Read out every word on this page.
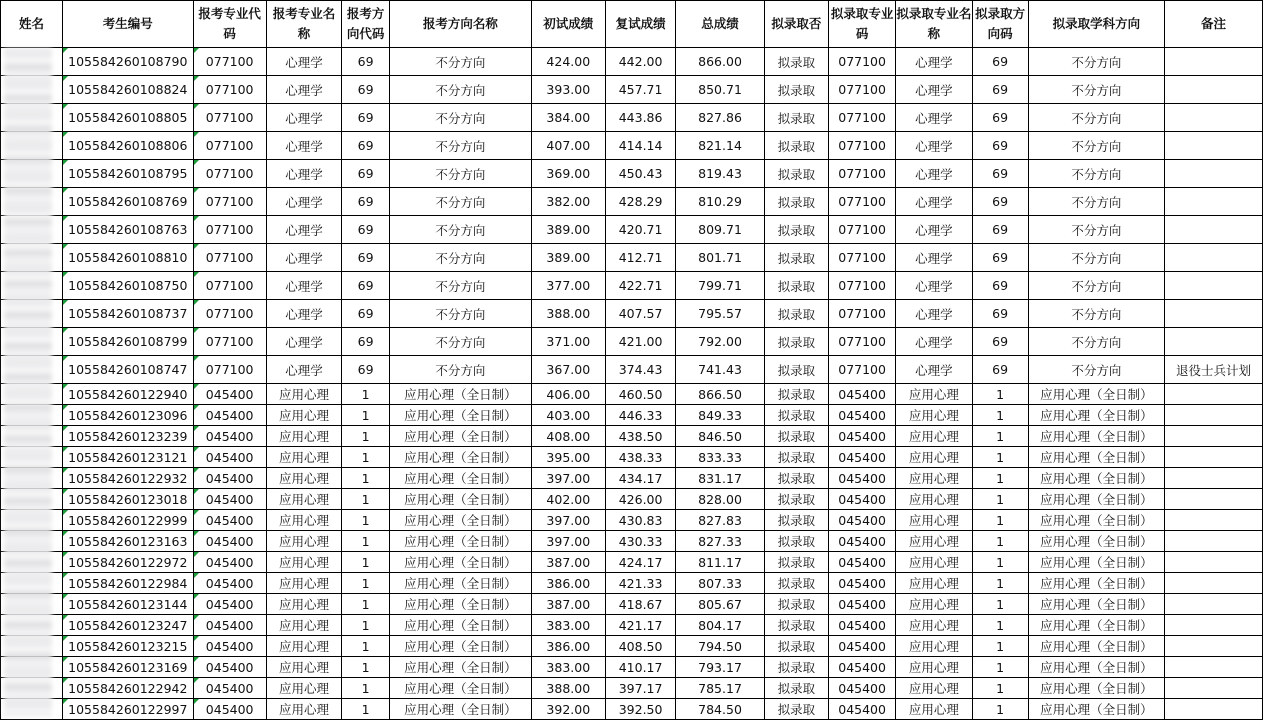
姓名	考生编号	报考专业代码	报考专业名称	报考方向代码	报考方向名称	初试成绩	复试成绩	总成绩	拟录取否	拟录取专业码	拟录取专业名称	拟录取方向码	拟录取学科方向	备注
	105584260108790	077100	心理学	69	不分方向	424.00	442.00	866.00	拟录取	077100	心理学	69	不分方向	
	105584260108824	077100	心理学	69	不分方向	393.00	457.71	850.71	拟录取	077100	心理学	69	不分方向	
	105584260108805	077100	心理学	69	不分方向	384.00	443.86	827.86	拟录取	077100	心理学	69	不分方向	
	105584260108806	077100	心理学	69	不分方向	407.00	414.14	821.14	拟录取	077100	心理学	69	不分方向	
	105584260108795	077100	心理学	69	不分方向	369.00	450.43	819.43	拟录取	077100	心理学	69	不分方向	
	105584260108769	077100	心理学	69	不分方向	382.00	428.29	810.29	拟录取	077100	心理学	69	不分方向	
	105584260108763	077100	心理学	69	不分方向	389.00	420.71	809.71	拟录取	077100	心理学	69	不分方向	
	105584260108810	077100	心理学	69	不分方向	389.00	412.71	801.71	拟录取	077100	心理学	69	不分方向	
	105584260108750	077100	心理学	69	不分方向	377.00	422.71	799.71	拟录取	077100	心理学	69	不分方向	
	105584260108737	077100	心理学	69	不分方向	388.00	407.57	795.57	拟录取	077100	心理学	69	不分方向	
	105584260108799	077100	心理学	69	不分方向	371.00	421.00	792.00	拟录取	077100	心理学	69	不分方向	
	105584260108747	077100	心理学	69	不分方向	367.00	374.43	741.43	拟录取	077100	心理学	69	不分方向	退役士兵计划
	105584260122940	045400	应用心理	1	应用心理（全日制）	406.00	460.50	866.50	拟录取	045400	应用心理	1	应用心理（全日制）	
	105584260123096	045400	应用心理	1	应用心理（全日制）	403.00	446.33	849.33	拟录取	045400	应用心理	1	应用心理（全日制）	
	105584260123239	045400	应用心理	1	应用心理（全日制）	408.00	438.50	846.50	拟录取	045400	应用心理	1	应用心理（全日制）	
	105584260123121	045400	应用心理	1	应用心理（全日制）	395.00	438.33	833.33	拟录取	045400	应用心理	1	应用心理（全日制）	
	105584260122932	045400	应用心理	1	应用心理（全日制）	397.00	434.17	831.17	拟录取	045400	应用心理	1	应用心理（全日制）	
	105584260123018	045400	应用心理	1	应用心理（全日制）	402.00	426.00	828.00	拟录取	045400	应用心理	1	应用心理（全日制）	
	105584260122999	045400	应用心理	1	应用心理（全日制）	397.00	430.83	827.83	拟录取	045400	应用心理	1	应用心理（全日制）	
	105584260123163	045400	应用心理	1	应用心理（全日制）	397.00	430.33	827.33	拟录取	045400	应用心理	1	应用心理（全日制）	
	105584260122972	045400	应用心理	1	应用心理（全日制）	387.00	424.17	811.17	拟录取	045400	应用心理	1	应用心理（全日制）	
	105584260122984	045400	应用心理	1	应用心理（全日制）	386.00	421.33	807.33	拟录取	045400	应用心理	1	应用心理（全日制）	
	105584260123144	045400	应用心理	1	应用心理（全日制）	387.00	418.67	805.67	拟录取	045400	应用心理	1	应用心理（全日制）	
	105584260123247	045400	应用心理	1	应用心理（全日制）	383.00	421.17	804.17	拟录取	045400	应用心理	1	应用心理（全日制）	
	105584260123215	045400	应用心理	1	应用心理（全日制）	386.00	408.50	794.50	拟录取	045400	应用心理	1	应用心理（全日制）	
	105584260123169	045400	应用心理	1	应用心理（全日制）	383.00	410.17	793.17	拟录取	045400	应用心理	1	应用心理（全日制）	
	105584260122942	045400	应用心理	1	应用心理（全日制）	388.00	397.17	785.17	拟录取	045400	应用心理	1	应用心理（全日制）	
	105584260122997	045400	应用心理	1	应用心理（全日制）	392.00	392.50	784.50	拟录取	045400	应用心理	1	应用心理（全日制）	
